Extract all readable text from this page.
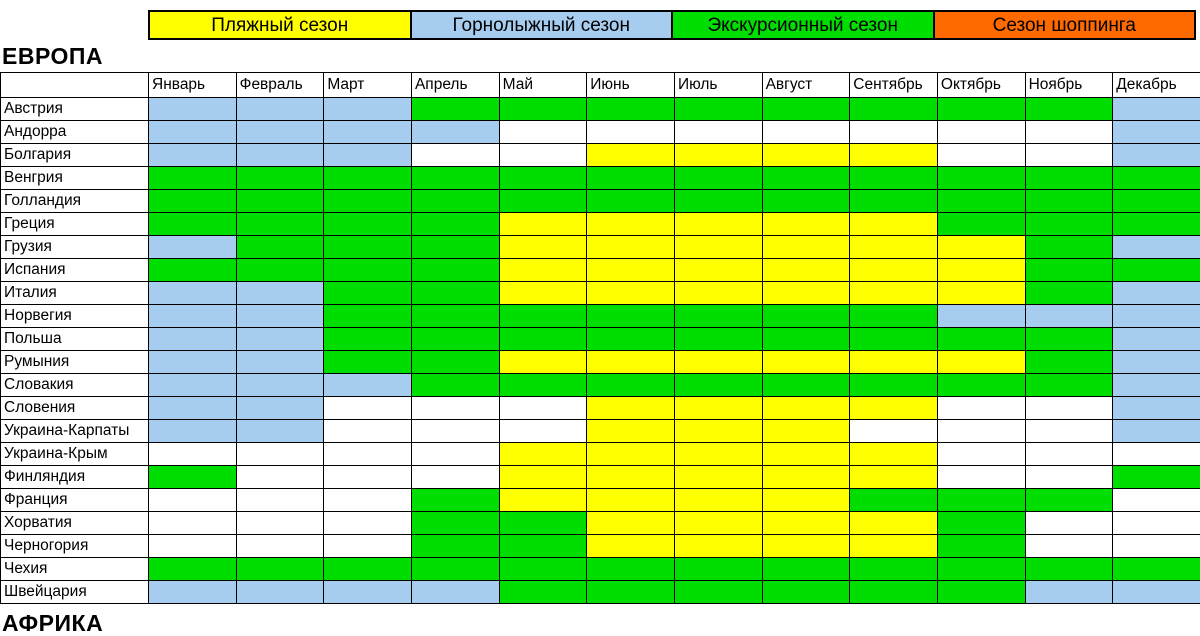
Пляжный сезон	Горнолыжный сезон	Экскурсионный сезон	Сезон шоппинга
ЕВРОПА
	Январь	Февраль	Март	Апрель	Май	Июнь	Июль	Август	Сентябрь	Октябрь	Ноябрь	Декабрь
Австрия												
Андорра												
Болгария												
Венгрия												
Голландия												
Греция												
Грузия												
Испания												
Италия												
Норвегия												
Польша												
Румыния												
Словакия												
Словения												
Украина-Карпаты												
Украина-Крым												
Финляндия												
Франция												
Хорватия												
Черногория												
Чехия												
Швейцария												
АФРИКА
